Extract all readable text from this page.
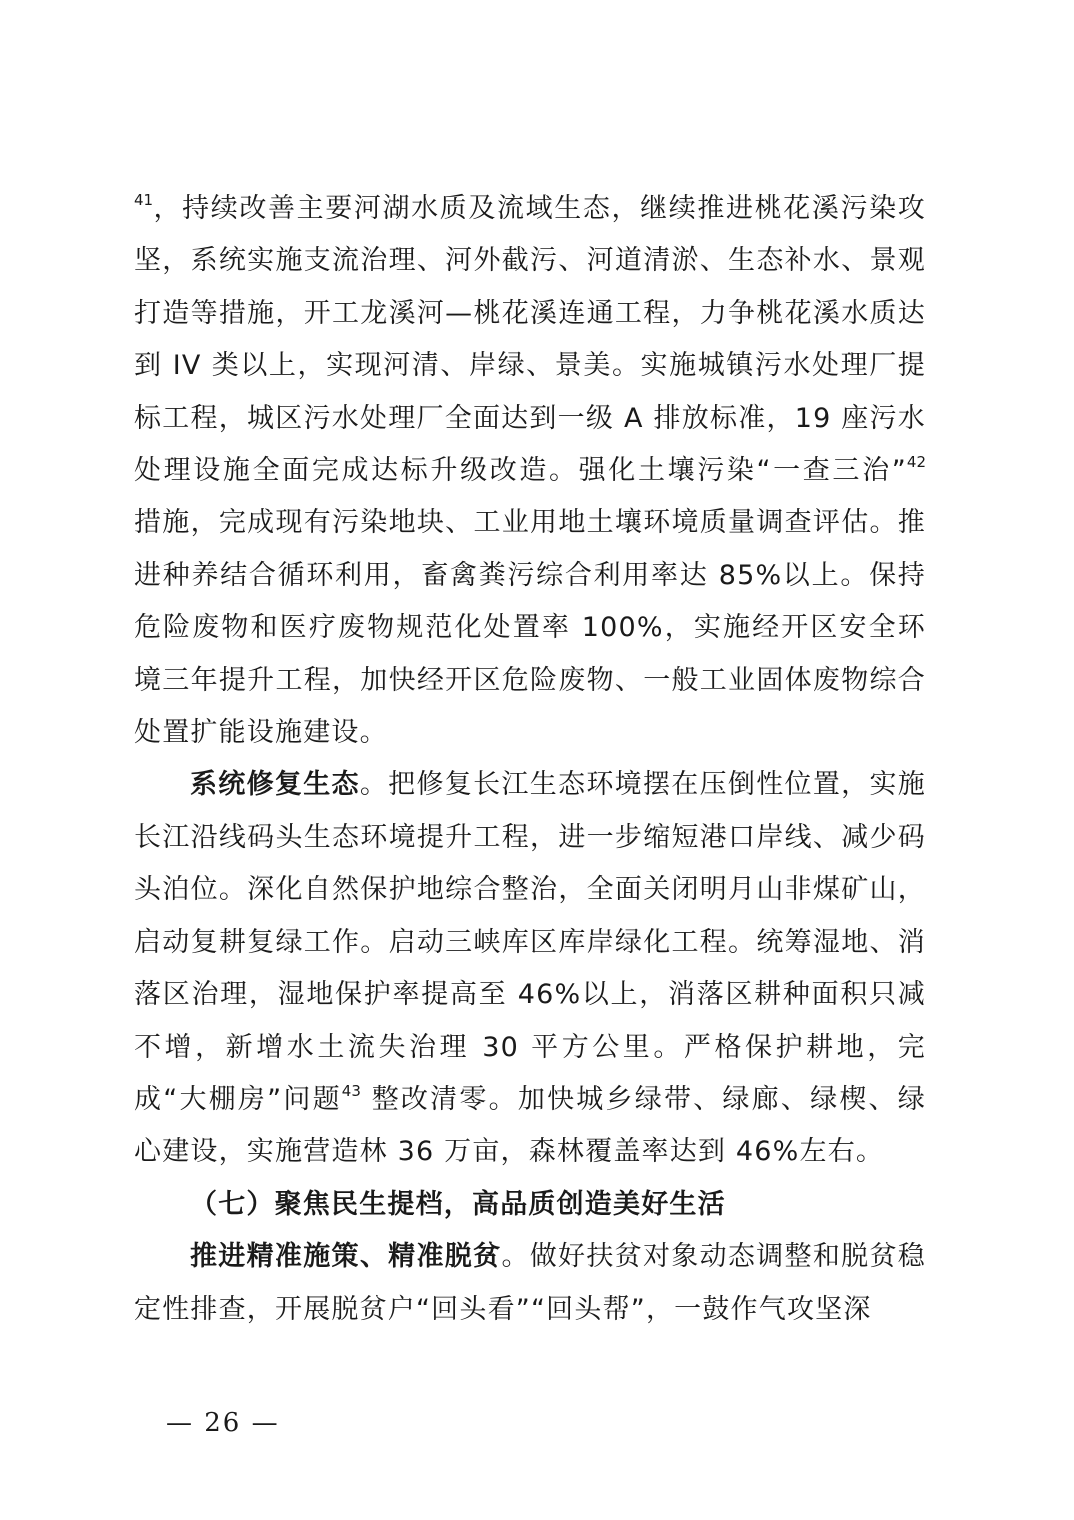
$^{41}$，持续改善主要河湖水质及流域生态，继续推进桃花溪污染攻坚，系统实施支流治理、河外截污、河道清淤、生态补水、景观打造等措施，开工龙溪河—桃花溪连通工程，力争桃花溪水质达到 IV 类以上，实现河清、岸绿、景美。实施城镇污水处理厂提标工程，城区污水处理厂全面达到一级 A 排放标准，19 座污水处理设施全面完成达标升级改造。强化土壤污染“一查三治”$^{42}$ 措施，完成现有污染地块、工业用地土壤环境质量调查评估。推进种养结合循环利用，畜禽粪污综合利用率达 85%以上。保持危险废物和医疗废物规范化处置率 100%，实施经开区安全环境三年提升工程，加快经开区危险废物、一般工业固体废物综合处置扩能设施建设。

系统修复生态。把修复长江生态环境摆在压倒性位置，实施长江沿线码头生态环境提升工程，进一步缩短港口岸线、减少码头泊位。深化自然保护地综合整治，全面关闭明月山非煤矿山，启动复耕复绿工作。启动三峡库区库岸绿化工程。统筹湿地、消落区治理，湿地保护率提高至 46%以上，消落区耕种面积只减不增，新增水土流失治理 30 平方公里。严格保护耕地，完成“大棚房”问题$^{43}$ 整改清零。加快城乡绿带、绿廊、绿楔、绿心建设，实施营造林 36 万亩，森林覆盖率达到 46%左右。

（七）聚焦民生提档，高品质创造美好生活

推进精准施策、精准脱贫。做好扶贫对象动态调整和脱贫稳定性排查，开展脱贫户“回头看”“回头帮”，一鼓作气攻坚深

— 26 —
